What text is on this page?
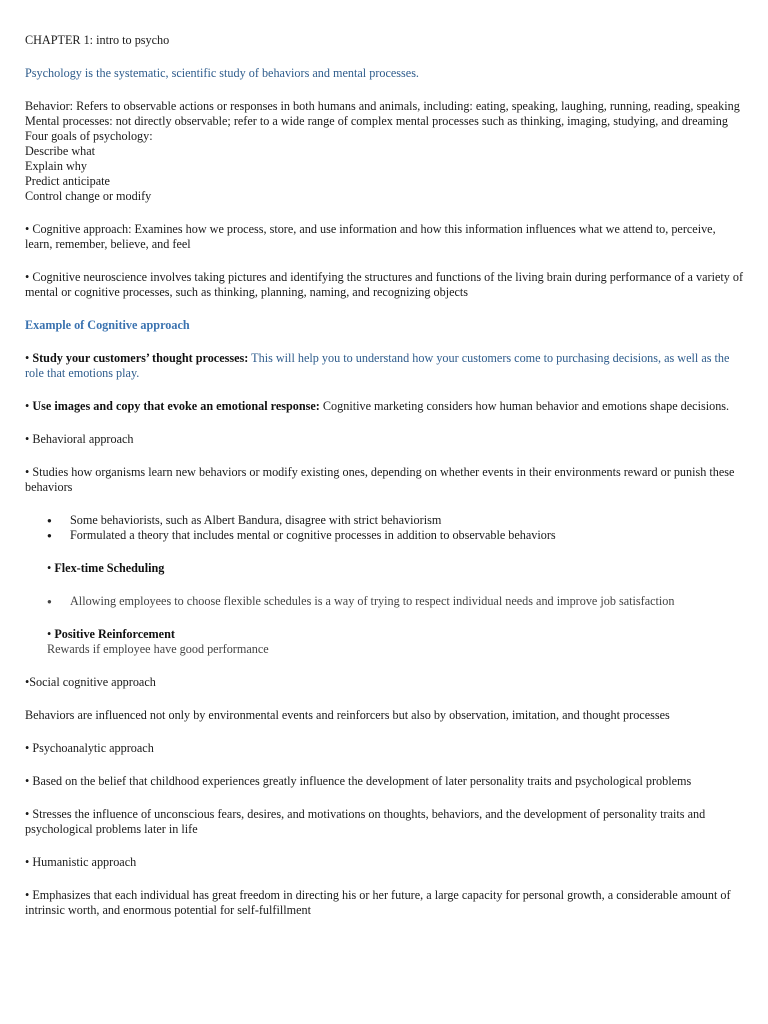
CHAPTER 1: intro to psycho

Psychology is the systematic, scientific study of behaviors and mental processes.

Behavior: Refers to observable actions or responses in both humans and animals, including: eating, speaking, laughing, running, reading, speaking

Mental processes: not directly observable; refer to a wide range of complex mental processes such as thinking, imaging, studying, and dreaming

Four goals of psychology:

Describe what

Explain why

Predict anticipate

Control change or modify

• Cognitive approach: Examines how we process, store, and use information and how this information influences what we attend to, perceive, learn, remember, believe, and feel

• Cognitive neuroscience involves taking pictures and identifying the structures and functions of the living brain during performance of a variety of mental or cognitive processes, such as thinking, planning, naming, and recognizing objects

Example of Cognitive approach

• Study your customers’ thought processes: This will help you to understand how your customers come to purchasing decisions, as well as the role that emotions play.

• Use images and copy that evoke an emotional response: Cognitive marketing considers how human behavior and emotions shape decisions.

• Behavioral approach

• Studies how organisms learn new behaviors or modify existing ones, depending on whether events in their environments reward or punish these behaviors

● Some behaviorists, such as Albert Bandura, disagree with strict behaviorism
● Formulated a theory that includes mental or cognitive processes in addition to observable behaviors

• Flex-time Scheduling

● Allowing employees to choose flexible schedules is a way of trying to respect individual needs and improve job satisfaction

• Positive Reinforcement

Rewards if employee have good performance

•Social cognitive approach

Behaviors are influenced not only by environmental events and reinforcers but also by observation, imitation, and thought processes

• Psychoanalytic approach

• Based on the belief that childhood experiences greatly influence the development of later personality traits and psychological problems

• Stresses the influence of unconscious fears, desires, and motivations on thoughts, behaviors, and the development of personality traits and psychological problems later in life

• Humanistic approach

• Emphasizes that each individual has great freedom in directing his or her future, a large capacity for personal growth, a considerable amount of intrinsic worth, and enormous potential for self-fulfillment
